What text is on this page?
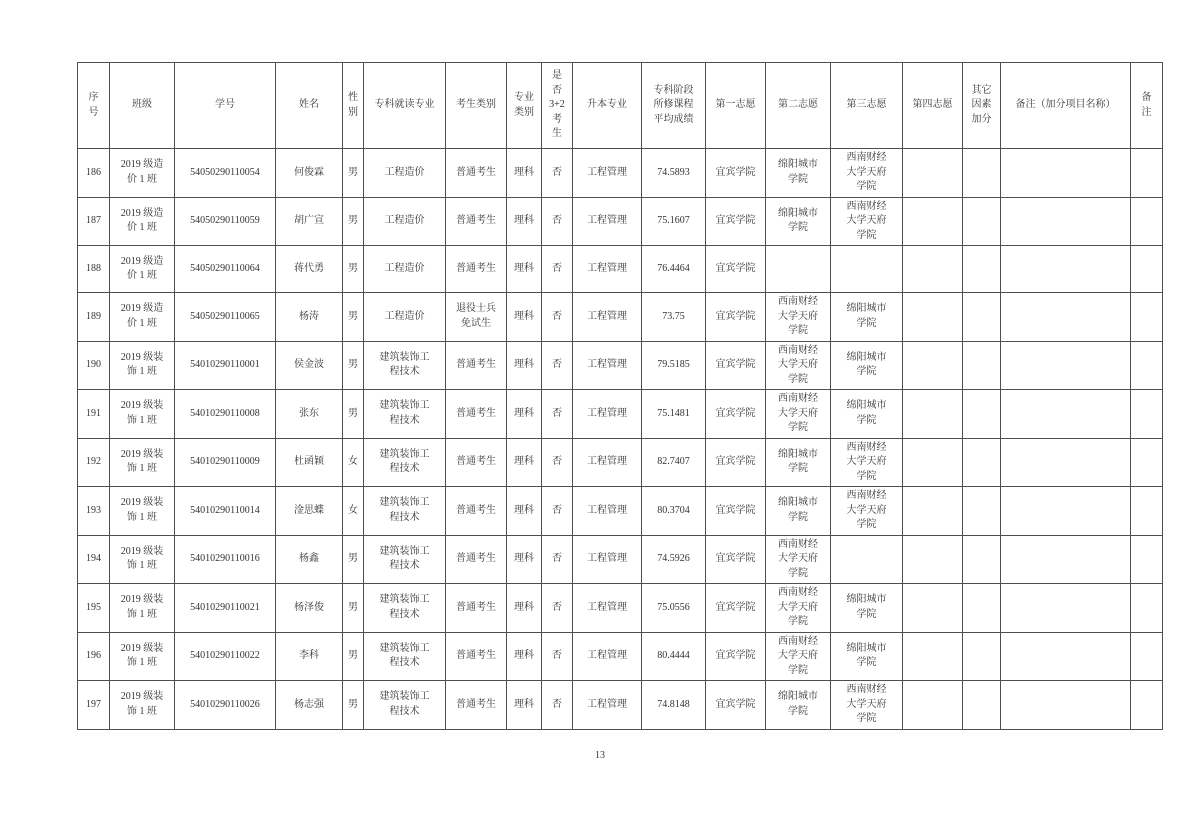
序号	班级	学号	姓名	性别	专科就读专业	考生类别	专业类别	是否3+2考生	升本专业	专科阶段所修课程平均成绩	第一志愿	第二志愿	第三志愿	第四志愿	其它因素加分	备注（加分项目名称）	备注
186	2019 级造价 1 班	54050290110054	何俊霖	男	工程造价	普通考生	理科	否	工程管理	74.5893	宜宾学院	绵阳城市学院	西南财经大学天府学院				
187	2019 级造价 1 班	54050290110059	胡广宣	男	工程造价	普通考生	理科	否	工程管理	75.1607	宜宾学院	绵阳城市学院	西南财经大学天府学院				
188	2019 级造价 1 班	54050290110064	蒋代勇	男	工程造价	普通考生	理科	否	工程管理	76.4464	宜宾学院						
189	2019 级造价 1 班	54050290110065	杨涛	男	工程造价	退役士兵免试生	理科	否	工程管理	73.75	宜宾学院	西南财经大学天府学院	绵阳城市学院				
190	2019 级装饰 1 班	54010290110001	侯金波	男	建筑装饰工程技术	普通考生	理科	否	工程管理	79.5185	宜宾学院	西南财经大学天府学院	绵阳城市学院				
191	2019 级装饰 1 班	54010290110008	张东	男	建筑装饰工程技术	普通考生	理科	否	工程管理	75.1481	宜宾学院	西南财经大学天府学院	绵阳城市学院				
192	2019 级装饰 1 班	54010290110009	杜函颖	女	建筑装饰工程技术	普通考生	理科	否	工程管理	82.7407	宜宾学院	绵阳城市学院	西南财经大学天府学院				
193	2019 级装饰 1 班	54010290110014	淦思蝶	女	建筑装饰工程技术	普通考生	理科	否	工程管理	80.3704	宜宾学院	绵阳城市学院	西南财经大学天府学院				
194	2019 级装饰 1 班	54010290110016	杨鑫	男	建筑装饰工程技术	普通考生	理科	否	工程管理	74.5926	宜宾学院	西南财经大学天府学院					
195	2019 级装饰 1 班	54010290110021	杨泽俊	男	建筑装饰工程技术	普通考生	理科	否	工程管理	75.0556	宜宾学院	西南财经大学天府学院	绵阳城市学院				
196	2019 级装饰 1 班	54010290110022	李科	男	建筑装饰工程技术	普通考生	理科	否	工程管理	80.4444	宜宾学院	西南财经大学天府学院	绵阳城市学院				
197	2019 级装饰 1 班	54010290110026	杨志强	男	建筑装饰工程技术	普通考生	理科	否	工程管理	74.8148	宜宾学院	绵阳城市学院	西南财经大学天府学院				
13
